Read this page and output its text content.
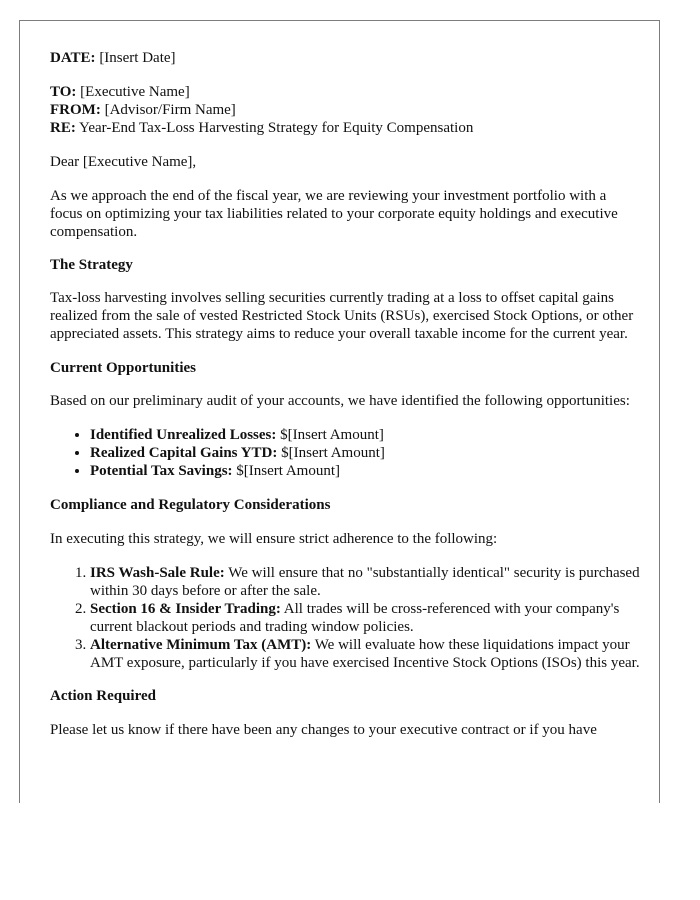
DATE: [Insert Date]

TO: [Executive Name]

FROM: [Advisor/Firm Name]

RE: Year-End Tax-Loss Harvesting Strategy for Equity Compensation

Dear [Executive Name],

As we approach the end of the fiscal year, we are reviewing your investment portfolio with a focus on optimizing your tax liabilities related to your corporate equity holdings and executive compensation.

The Strategy

Tax-loss harvesting involves selling securities currently trading at a loss to offset capital gains realized from the sale of vested Restricted Stock Units (RSUs), exercised Stock Options, or other appreciated assets. This strategy aims to reduce your overall taxable income for the current year.

Current Opportunities

Based on our preliminary audit of your accounts, we have identified the following opportunities:

• Identified Unrealized Losses: $[Insert Amount]
• Realized Capital Gains YTD: $[Insert Amount]
• Potential Tax Savings: $[Insert Amount]

Compliance and Regulatory Considerations

In executing this strategy, we will ensure strict adherence to the following:

1. IRS Wash-Sale Rule: We will ensure that no "substantially identical" security is purchased within 30 days before or after the sale.
2. Section 16 & Insider Trading: All trades will be cross-referenced with your company's current blackout periods and trading window policies.
3. Alternative Minimum Tax (AMT): We will evaluate how these liquidations impact your AMT exposure, particularly if you have exercised Incentive Stock Options (ISOs) this year.

Action Required

Please let us know if there have been any changes to your executive contract or if you have
